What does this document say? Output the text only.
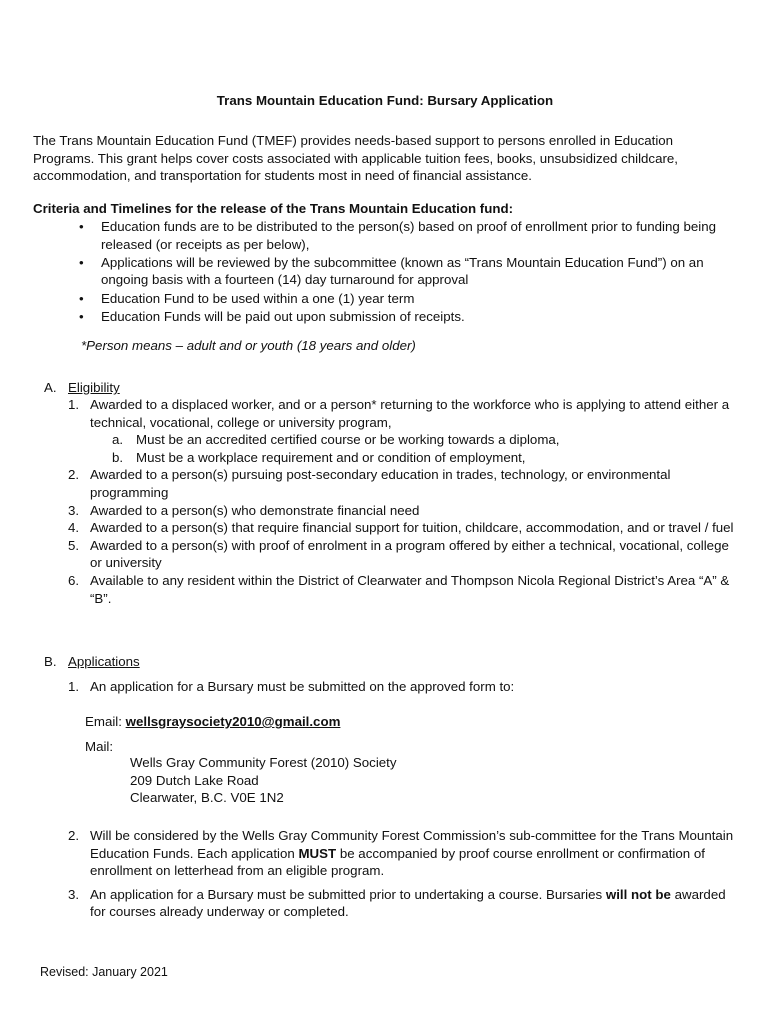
Trans Mountain Education Fund: Bursary Application
The Trans Mountain Education Fund (TMEF) provides needs-based support to persons enrolled in Education Programs. This grant helps cover costs associated with applicable tuition fees, books, unsubsidized childcare, accommodation, and transportation for students most in need of financial assistance.
Criteria and Timelines for the release of the Trans Mountain Education fund:
• Education funds are to be distributed to the person(s) based on proof of enrollment prior to funding being released (or receipts as per below),
• Applications will be reviewed by the subcommittee (known as “Trans Mountain Education Fund”) on an ongoing basis with a fourteen (14) day turnaround for approval
• Education Fund to be used within a one (1) year term
• Education Funds will be paid out upon submission of receipts.
*Person means – adult and or youth (18 years and older)
A. Eligibility
1. Awarded to a displaced worker, and or a person* returning to the workforce who is applying to attend either a technical, vocational, college or university program,
a. Must be an accredited certified course or be working towards a diploma,
b. Must be a workplace requirement and or condition of employment,
2. Awarded to a person(s) pursuing post-secondary education in trades, technology, or environmental programming
3. Awarded to a person(s) who demonstrate financial need
4. Awarded to a person(s) that require financial support for tuition, childcare, accommodation, and or travel / fuel
5. Awarded to a person(s) with proof of enrolment in a program offered by either a technical, vocational, college or university
6. Available to any resident within the District of Clearwater and Thompson Nicola Regional District’s Area “A” & “B”.
B. Applications
1. An application for a Bursary must be submitted on the approved form to:
Email: wellsgraysociety2010@gmail.com
Mail:
Wells Gray Community Forest (2010) Society
209 Dutch Lake Road
Clearwater, B.C. V0E 1N2
2. Will be considered by the Wells Gray Community Forest Commission’s sub-committee for the Trans Mountain Education Funds. Each application MUST be accompanied by proof course enrollment or confirmation of enrollment on letterhead from an eligible program.
3. An application for a Bursary must be submitted prior to undertaking a course. Bursaries will not be awarded for courses already underway or completed.
Revised: January 2021
